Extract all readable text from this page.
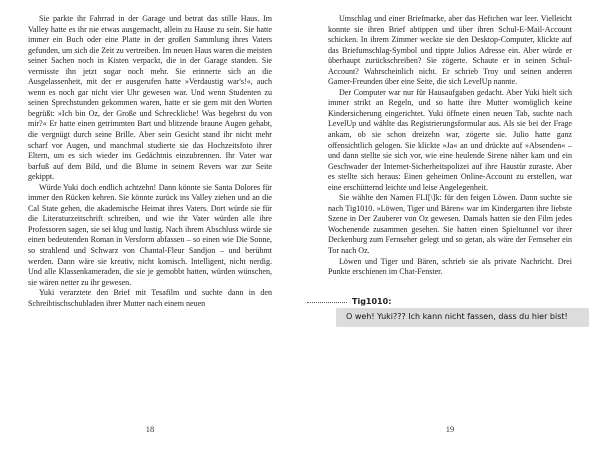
Sie parkte ihr Fahrrad in der Garage und betrat das stille Haus. Im Valley hatte es ihr nie etwas ausgemacht, allein zu Hause zu sein. Sie hatte immer ein Buch oder eine Platte in der großen Sammlung ihres Vaters gefunden, um sich die Zeit zu vertreiben. Im neuen Haus waren die meisten seiner Sachen noch in Kisten verpackt, die in der Garage standen. Sie vermisste ihn jetzt sogar noch mehr. Sie erinnerte sich an die Ausgelassenheit, mit der er ausgerufen hatte »Verdaustig war's!«, auch wenn es noch gar nicht vier Uhr gewesen war. Und wenn Studenten zu seinen Sprechstunden gekommen waren, hatte er sie gern mit den Worten begrüßt: »Ich bin Oz, der Große und Schreckliche! Was begehrst du von mir?« Er hatte einen getrimmten Bart und blitzende braune Augen gehabt, die vergnügt durch seine Brille. Aber sein Gesicht stand ihr nicht mehr scharf vor Augen, und manchmal studierte sie das Hochzeitsfoto ihrer Eltern, um es sich wieder ins Gedächtnis einzubrennen. Ihr Vater war barfuß auf dem Bild, und die Blume in seinem Revers war zur Seite gekippt.

Würde Yuki doch endlich achtzehn! Dann könnte sie Santa Dolores für immer den Rücken kehren. Sie könnte zurück ins Valley ziehen und an die Cal State gehen, die akademische Heimat ihres Vaters. Dort würde sie für die Literaturzeitschrift schreiben, und wie ihr Vater würden alle ihre Professoren sagen, sie sei klug und lustig. Nach ihrem Abschluss würde sie einen bedeutenden Roman in Versform abfassen – so einen wie Die Sonne, so strahlend und Schwarz von Chantal-Fleur Sandjon – und berühmt werden. Dann wäre sie kreativ, nicht komisch. Intelligent, nicht nerdig. Und alle Klassenkameraden, die sie je gemobbt hatten, würden wünschen, sie wären netter zu ihr gewesen.

Yuki verarztete den Brief mit Tesafilm und suchte dann in den Schreibtischschubladen ihrer Mutter nach einem neuen

18

Umschlag und einer Briefmarke, aber das Heftchen war leer. Vielleicht konnte sie ihren Brief abtippen und über ihren Schul-E-Mail-Account schicken. In ihrem Zimmer weckte sie den Desktop-Computer, klickte auf das Briefumschlag-Symbol und tippte Julios Adresse ein. Aber würde er überhaupt zurückschreiben? Sie zögerte. Schaute er in seinen Schul-Account? Wahrscheinlich nicht. Er schrieb Troy und seinen anderen Gamer-Freunden über eine Seite, die sich LevelUp nannte.

Der Computer war nur für Hausaufgaben gedacht. Aber Yuki hielt sich immer strikt an Regeln, und so hatte ihre Mutter womöglich keine Kindersicherung eingerichtet. Yuki öffnete einen neuen Tab, suchte nach LevelUp und wählte das Registrierungsformular aus. Als sie bei der Frage ankam, ob sie schon dreizehn war, zögerte sie. Julio hatte ganz offensichtlich gelogen. Sie klickte »Ja« an und drückte auf »Absenden« – und dann stellte sie sich vor, wie eine heulende Sirene näher kam und ein Geschwader der Internet-Sicherheitspolizei auf ihre Haustür zuraste. Aber es stellte sich heraus: Einen geheimen Online-Account zu erstellen, war eine erschütternd leichte und leise Angelegenheit.

Sie wählte den Namen FLI[\]k: für den feigen Löwen. Dann suchte sie nach Tig1010. »Löwen, Tiger und Bären« war im Kindergarten ihre liebste Szene in Der Zauberer von Oz gewesen. Damals hatten sie den Film jedes Wochenende zusammen gesehen. Sie hatten einen Spieltunnel vor ihrer Deckenburg zum Fernseher gelegt und so getan, als wäre der Fernseher ein Tor nach Oz.

Löwen und Tiger und Bären, schrieb sie als private Nachricht. Drei Punkte erschienen im Chat-Fenster.

Tig1010:
O weh! Yuki??? Ich kann nicht fassen, dass du hier bist!
19
